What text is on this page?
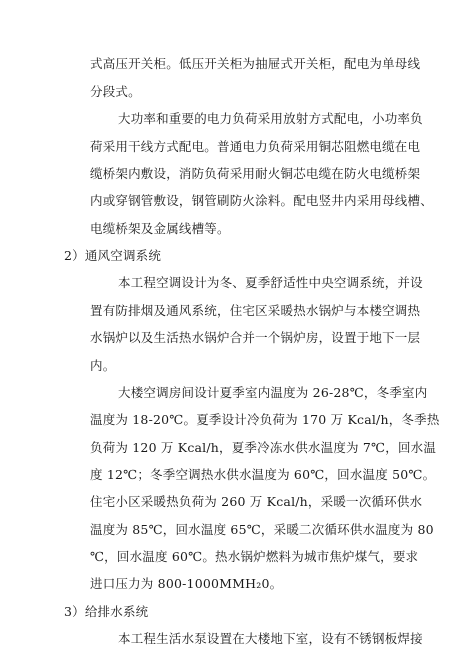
式高压开关柜。低压开关柜为抽屉式开关柜，配电为单母线
分段式。
大功率和重要的电力负荷采用放射方式配电，小功率负
荷采用干线方式配电。普通电力负荷采用铜芯阻燃电缆在电
缆桥架内敷设，消防负荷采用耐火铜芯电缆在防火电缆桥架
内或穿钢管敷设，钢管刷防火涂料。配电竖井内采用母线槽、
电缆桥架及金属线槽等。
2）通风空调系统
本工程空调设计为冬、夏季舒适性中央空调系统，并设
置有防排烟及通风系统，住宅区采暖热水锅炉与本楼空调热
水锅炉以及生活热水锅炉合并一个锅炉房，设置于地下一层
内。
大楼空调房间设计夏季室内温度为 26-28℃，冬季室内
温度为 18-20℃。夏季设计冷负荷为 170 万 Kcal/h，冬季热
负荷为 120 万 Kcal/h，夏季冷冻水供水温度为 7℃，回水温
度 12℃；冬季空调热水供水温度为 60℃，回水温度 50℃。
住宅小区采暖热负荷为 260 万 Kcal/h，采暖一次循环供水
温度为 85℃，回水温度 65℃，采暖二次循环供水温度为 80
℃，回水温度 60℃。热水锅炉燃料为城市焦炉煤气，要求
进口压力为 800-1000MMH₂0。
3）给排水系统
本工程生活水泵设置在大楼地下室，设有不锈钢板焊接
